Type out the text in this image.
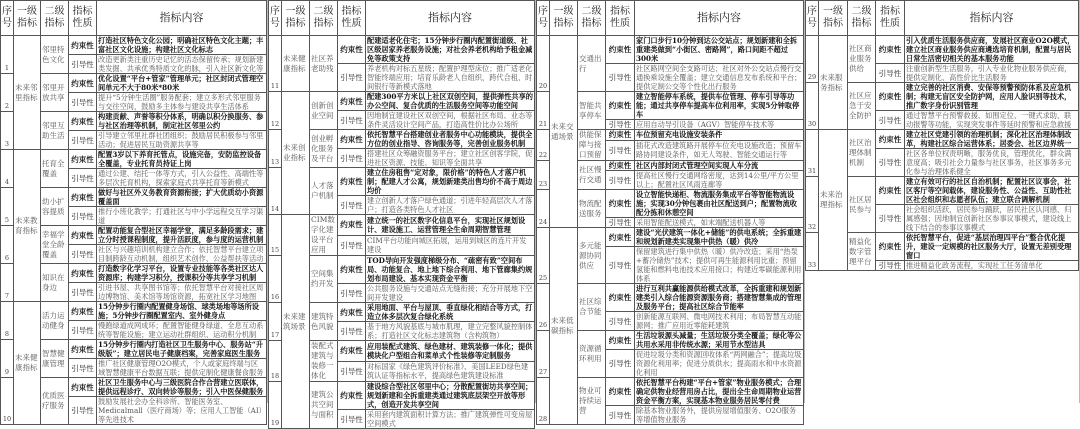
序号	一级指标	二级指标	指标性质	指标内容
1	未来邻里指标	邻里特色文化	约束性	打造社区特色文化公园；明确社区特色文化主题；丰富社区文化设施；构建社区文化标志
			引导性	改造更新类注重历史记忆的活态保留传承；规划新建类发掘、共承优秀特质文化的脉，引入社区新文化等
2		邻里开放共享	约束性	优化设置“平台+管家”管理单元；社区封闭式管理空间单元不大于80米*80米
			引导性	提升“5分钟生活圈”服务配套；建立多形式邻里服务与交往空间，鼓励多主体参与建设共享生活体系
3		邻里互助生活	约束性	构建贡献、声誉等积分体系，明确以积分换服务、参与社区治理等机制，制定社区邻里公约
			引导性	引导建立邻里社群社团组织；鼓励居民积极参与邻里活动；促进居民互助资源共享等
4	未来教育指标	托育全覆盖	约束性	配置3岁以下养育托管点，设施完备，安防监控设备全覆盖，专业托育员持证上岗
			引导性	通过公建、结托一体等方式，引入公益性、高端性等多层次托育机构，探索家庭式共享托育等新模式
5		幼小扩容提质	约束性	做好与社区外义务教育资源衔接；扩大优质幼小资源覆盖面
			引导性	推行小班化教学；打通社区与中小学远程交互学习渠道
6		幸福学堂全龄覆盖	约束性	配置功能复合型社区幸福学堂，满足多龄段需求；建立分时授课程制度，提升活跃度，参与度的运营机制
			引导性	社区与兴趣培训机构建立合作；依托智慧平台建立项目制跨龄互动机制，组织艺术创作、公益帮扶等活动
7		知识在身边	约束性	打造数字化学习平台，设置专业技能等各类社区达人资源库；构建学习积分，授课积分等共享学习机制
			引导性	引进书屋、共享图书馆等；依托智慧平台对接社区周边博物馆、美术馆等场馆资源，拓宽社区学习地图
8	未来健康指标	活力运动健身	约束性	15分钟步行圈内配置健身场馆、球类场地等场所设施；5分钟步行圈配置室内、室外健身点
			引导性	慢跑绿道成网成环；配置智能健身绿道、全息互动系统等智能设施；建立运动社群组织、运动积分机制
9		智慧健康管理	约束性	15分钟步行圈内打造社区卫生服务中心、服务站“升级版”；建立居民电子健康档案，完善家庭医生服务
			引导性	推广社区健康管理O2O模式，个人或家庭终端与区域智慧健康平台数据互联；提供定制化健康餐食服务
10		优质医疗服务	约束性	社区卫生服务中心与三级医院合作合营建立医联体，提供远程诊疗、双向转诊等服务；引入中医保健服务
			引导性	鼓励发展社会办全科诊所、智能医务室、Medicalmall（医疗商场）等；应用人工智能（AI）等先进技术
序号	一级指标	二级指标	指标性质	指标内容
11	未来健康指标	社区养老助残	约束性	配建适老化住宅；15分钟步行圈内配置街道级、社区级居家养老服务设施；对社会养老机构给予租金减免等政策支持
			引导性	养老机构对标五星级；配置护理型床位；推广适老化智能终端应用；培育乐龄老人自组织，跨代合租、时间银行等新模式落地
12	未来创业指标	创新创业空间	约束性	配建300平方米以上社区双创空间，提供弹性共享的办公空间、复合优质的生活服务空间等功能空间
			引导性	因地制宜建设社区双创空间，根据社区布局、业态等条件灵活设计空间产品，打造高性价比办公场所
13		创业孵化服务及平台	约束性	依托智慧平台搭建创业者服务中心功能模块，提供全方位的创业指导、咨询服务等，完善创业服务机制
			引导性	搭建社区众筹融资服务平台；建立社区创客学院，促进社区资源、技能、知识等全面共享
14		人才落户机制	约束性	建立住房租售“定对象，限价格”的特色人才落户机制；配建人才公寓，规划新建类出售均价不高于周边均价
			引导性	建立创新人才落户绿色通道；引进年轻高层次人才落户；打造各类特色人才社区
15	未来建筑场景	CIM数字化建设平台应用	约束性	建立统一的社区数字化信息平台，实现社区规划设计、建设施工、运营管理全生命周期智慧管理
			引导性	CIM平台功能向城区拓展，运用到城区的连片开发建设
16		空间集约开发	约束性	TOD导向开发强度梯级分布、“疏密有致”空间布局、功能复合、地上地下综合利用、地下管廊集约规划布局建设、基本实现资金平衡
			引导性	公共服务设施与交通站点无缝衔接；充分开展地下空间开发建设
17		建筑特色风貌	约束性	采用地面、平台与屋顶、垂直绿化相结合等方式，打造立体多层次复合绿化系统
			引导性	基于地方风貌基底与城市肌理，建立完整风貌控制体系；打造社区文化标志建筑物（含构筑物）
18		装配式建筑与装修一体化	约束性	应用装配式建筑、绿色建材、建筑装修一体化；提供模块化户型组合和菜单式个性装修等定制服务
			引导性	对标国家《绿色建筑评价标准》、美国LEED绿色建筑认证等指标水平，提高绿色建筑建设标准
19		建筑公共空间与面积	约束性	建设综合型社区邻里中心；分散配置街坊共享空间；规划新建和全拆重建类通过建筑底层架空开放等形式，创造开发共享空间
			引导性	采用套内建筑面积计算方法；推广建筑弹性可变房屋空间模式
序号	一级指标	二级指标	指标性质	指标内容
20	未来交通场景	交通出行	约束性	家门口步行10分钟到达公交站点；规划新建和全拆重建类做到“小街区、密路网”，路口间距不超过300米
			引导性	社区路网空间全支路可达；社区对外公交站点慢行交通换乘设施全覆盖；建立交通信息发布系统和平台；提供定制公交等个性化出行服务
21		智能共享停车	约束性	建立智能停车系统，提供车位管理、停车引导等功能；通过共享停车提高车位利用率，实现5分钟取停车
			引导性	应用自动导引设备（AGV）智能停车技术等
22		供能保障与接口预留	约束性	车位预留充电设施安装条件
			引导性	插花式改造建筑路开展停车位充电设施改造；预留车路协同建设条件，如无人驾驶、智能交通运行等
23		社区慢行交通	约束性	社区内部封闭式管理空间实现人车分流
			引导性	提高社区慢行交通网络密度，达到14公里/平方公里以上；配置社区风雨连廊等
24		物流配送服务	约束性	设立智能快递柜、物流服务集成平台等智能物流设施；实现30分钟包裹由社区配送到户；配置物流收配分拣和休憩空间
			引导性	采用智能配送模式，如末端配送机器人等
25	未来低碳指标	多元能源协同供应	约束性	建设“光伏建筑一体化+储能”的供电系统；全拆重建和规划新建类实现集中供热（暖）供冷
			引导性	保留建筑进行集中供热（暖）供冷改造；采用“热泵+蓄冷储热”技术；提供可再生能源利用比重；预留氢能和燃料电池技术应用接口；构建近零碳能源利用体系
26		社区综合节能	约束性	进行互利共赢能源供给模式改革，全拆重建和规划新建类引入综合能源资源服务商；搭建智慧集成的管理及服务平台；提高社区综合节能率
			引导性	创新能源互联网、微电网技术利用；布局智慧互动能源网；推广应用近零能耗建筑
27		资源循环利用	约束性	生活垃圾源头减量；生活垃圾分类全覆盖；绿化等公共用水采用非传统水源；采用节水型洁具
			引导性	促进垃圾分类和资源回收体系“两网融合”；提高垃圾资源化利用率；促进分质供水；提高雨水和中水资源化利用
28		物业可持续运营	约束性	依托智慧平台构建“平台+管家”物业服务模式；合理确定供物业经营用房占比，提出全生命周期物业运营资金平衡方案，实现基本物业服务居民零付费
			引导性	除基本物业服务外，提供房屋增值服务、O2O服务等增值物业服务
序号	一级指标	二级指标	指标性质	指标内容
29	未来服务指标	社区商业服务供给	约束性	引入优质生活服务供应商，发展社区商业O2O模式，建立社区商业服务供应商遴选培育机制，配置与居民日常生活密切相关的基本服务功能
			引导性	注重创新型生活服务，引入专业化物业服务供应商，提供定制化、高性价比生活服务
30		社区应急于安全防护	约束性	建立完善的社区消费、安保等预警预防体系及应急机制；构建无盲区安全防护网，应用人脸识别等技术，推广数字身份识别管理
			引导性	通过智慧平台预警救援、如围定位、一键式求助、联动报警等功能，实现突发事件等延时预警和应急救援
31	未来治理指标	社区治理体制机制	约束性	建立社区党建引领的治理机制；深化社区治理体制改革，构建社区综合运营体系；居委会、社区边界统一
			引导性	社区各单位权责明晰，服务优良，管理优化，群众满意度高；吸引社会力量参与社区事务，社区事务多元化参与治理体系健全
32		社区居民参与	约束性	建立有效可行的社区自治机制；配置社区议事会，社区客厅等空间载体，建设服务性、公益性、互助性社区社会组织和志愿者队伍；建立联合调解机制
			引导性	社会组织活跃，居民参与踊跃，居民社区认同感、归属感强；因地制宜创新社区参事议事模式，建设线上线下结合的参事议事模式
33		精益化数字管理平台	约束性	依托智慧平台，促进“基层治理四平台”整合优化提升，建设一定规模的社区服务大厅，设置无差别受理窗口
			引导性	推进精益化政务流程，实现社工任务清单化
